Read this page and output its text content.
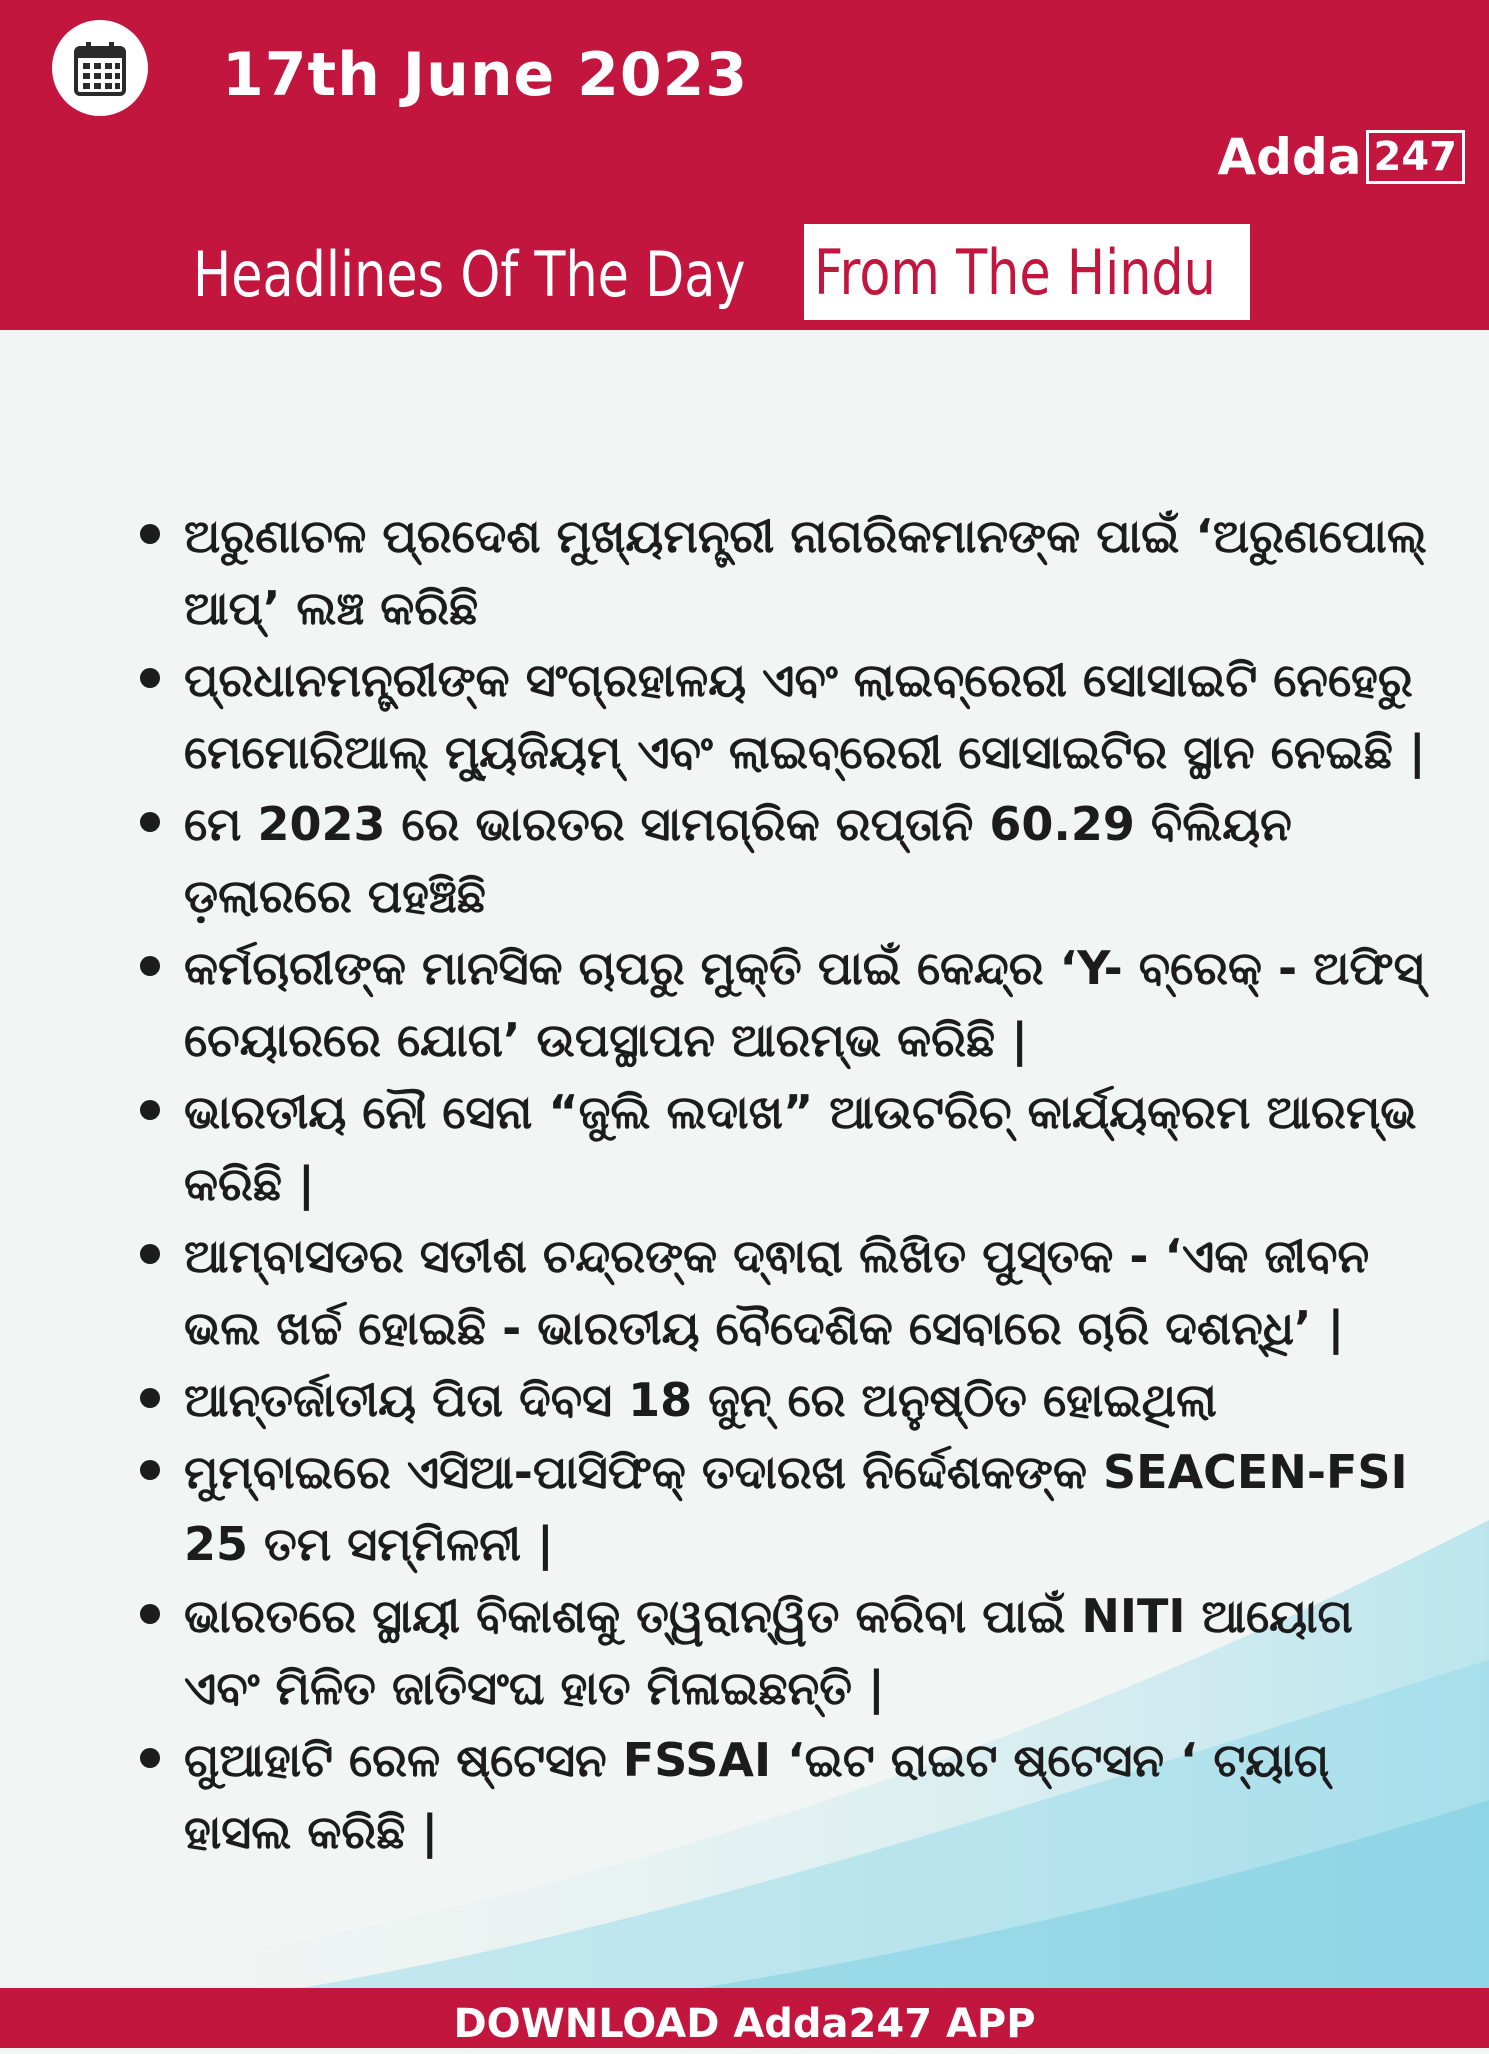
17th June 2023
Adda 247
Headlines Of The Day From The Hindu
ଅରୁଣାଚଳ ପ୍ରଦେଶ ମୁଖ୍ୟମନ୍ତ୍ରୀ ନାଗରିକମାନଙ୍କ ପାଇଁ ‘ଅରୁଣପୋଲ୍ ଆପ୍’ ଲଞ୍ଚ କରିଛି
ପ୍ରଧାନମନ୍ତ୍ରୀଙ୍କ ସଂଗ୍ରହାଳୟ ଏବଂ ଲାଇବ୍ରେରୀ ସୋସାଇଟି ନେହେରୁ ମେମୋରିଆଲ୍ ମ୍ୟୁଜିୟମ୍ ଏବଂ ଲାଇବ୍ରେରୀ ସୋସାଇଟିର ସ୍ଥାନ ନେଇଛି |
ମେ 2023 ରେ ଭାରତର ସାମଗ୍ରିକ ରପ୍ତାନି 60.29 ବିଲିୟନ ଡ଼ଲାରରେ ପହଞ୍ଚିଛି
କର୍ମଚାରୀଙ୍କ ମାନସିକ ଚାପରୁ ମୁକ୍ତି ପାଇଁ କେନ୍ଦ୍ର ‘Y- ବ୍ରେକ୍ - ଅଫିସ୍ ଚେୟାରରେ ଯୋଗ’ ଉପସ୍ଥାପନ ଆରମ୍ଭ କରିଛି |
ଭାରତୀୟ ନୌ ସେନା “ଜୁଲି ଲଦାଖ” ଆଉଟରିଚ୍ କାର୍ଯ୍ୟକ୍ରମ ଆରମ୍ଭ କରିଛି |
ଆମ୍ବାସଡର ସତୀଶ ଚନ୍ଦ୍ରଙ୍କ ଦ୍ଵାରା ଲିଖିତ ପୁସ୍ତକ - ‘ଏକ ଜୀବନ ଭଲ ଖର୍ଚ୍ଚ ହୋଇଛି - ଭାରତୀୟ ବୈଦେଶିକ ସେବାରେ ଚାରି ଦଶନ୍ଧି’ |
ଆନ୍ତର୍ଜାତୀୟ ପିତା ଦିବସ 18 ଜୁନ୍ ରେ ଅନୁଷ୍ଠିତ ହୋଇଥିଲା
ମୁମ୍ବାଇରେ ଏସିଆ-ପାସିଫିକ୍ ତଦାରଖ ନିର୍ଦ୍ଦେଶକଙ୍କ SEACEN-FSI 25 ତମ ସମ୍ମିଳନୀ |
ଭାରତରେ ସ୍ଥାୟୀ ବିକାଶକୁ ତ୍ୱରାନ୍ୱିତ କରିବା ପାଇଁ NITI ଆୟୋଗ ଏବଂ ମିଳିତ ଜାତିସଂଘ ହାତ ମିଳାଇଛନ୍ତି |
ଗୁଆହାଟି ରେଳ ଷ୍ଟେସନ FSSAI ‘ଇଟ ରାଇଟ ଷ୍ଟେସନ ‘ ଟ୍ୟାଗ୍ ହାସଲ କରିଛି |
DOWNLOAD Adda247 APP
